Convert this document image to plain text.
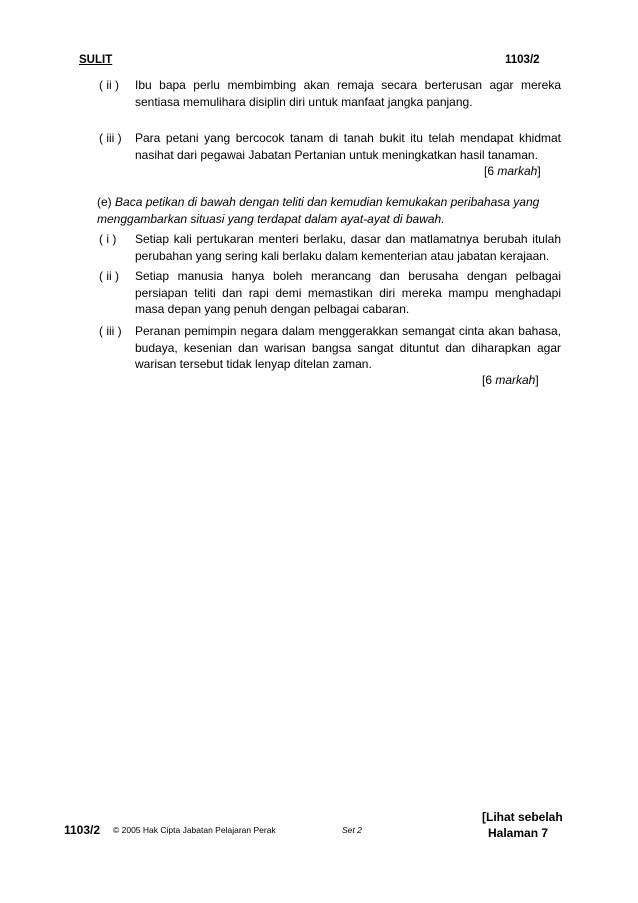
SULIT	1103/2
( ii )	Ibu bapa perlu membimbing akan remaja secara berterusan agar mereka sentiasa memulihara disiplin diri untuk manfaat jangka panjang.
( iii )	Para petani yang bercocok tanam di tanah bukit itu telah mendapat khidmat nasihat dari pegawai Jabatan Pertanian untuk meningkatkan hasil tanaman.
[6 markah]
(e) Baca petikan di bawah dengan teliti dan kemudian kemukakan peribahasa yang menggambarkan situasi yang terdapat dalam ayat-ayat di bawah.
( i )	Setiap kali pertukaran menteri berlaku, dasar dan matlamatnya berubah itulah perubahan yang sering kali berlaku dalam kementerian atau jabatan kerajaan.
( ii )	Setiap manusia hanya boleh merancang dan berusaha dengan pelbagai persiapan teliti dan rapi demi memastikan diri mereka mampu menghadapi masa depan yang penuh dengan pelbagai cabaran.
( iii )	Peranan pemimpin negara dalam menggerakkan semangat cinta akan bahasa, budaya, kesenian dan warisan bangsa sangat dituntut dan diharapkan agar warisan tersebut tidak lenyap ditelan zaman.
[6 markah]
[Lihat sebelah
Halaman 7
1103/2 © 2005 Hak Cipta Jabatan Pelajaran Perak	Set 2
